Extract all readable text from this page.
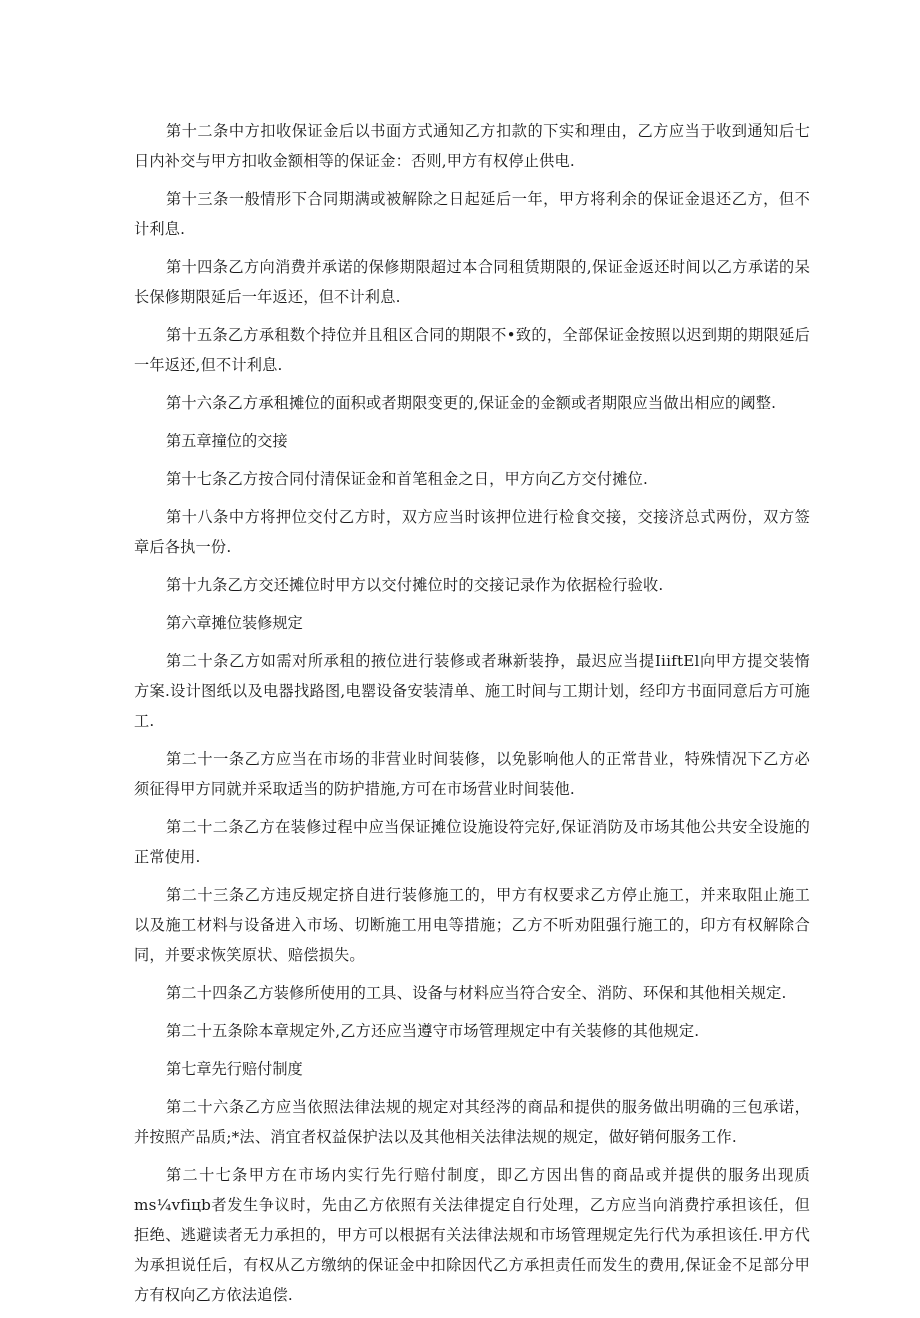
第十二条中方扣收保证金后以书面方式通知乙方扣款的下实和理由，乙方应当于收到通知后七日内补交与甲方扣收金额相等的保证金：否则,甲方有权停止供电.

第十三条一般情形下合同期满或被解除之日起延后一年，甲方将利余的保证金退还乙方，但不计利息.

第十四条乙方向消费并承诺的保修期限超过本合同租赁期限的,保证金返还时间以乙方承诺的呆长保修期限延后一年返还，但不计利息.

第十五条乙方承租数个持位并且租区合同的期限不•致的，全部保证金按照以迟到期的期限延后一年返还,但不计利息.

第十六条乙方承租摊位的面积或者期限变更的,保证金的金额或者期限应当做出相应的阈整.

第五章撞位的交接

第十七条乙方按合同付清保证金和首笔租金之日，甲方向乙方交付摊位.

第十八条中方将押位交付乙方时，双方应当时该押位进行检食交接，交接济总式两份，双方签章后各执一份.

第十九条乙方交还摊位时甲方以交付摊位时的交接记录作为依据检行验收.

第六章摊位装修规定

第二十条乙方如需对所承租的掖位进行装修或者琳新装挣，最迟应当提IiiftEl向甲方提交装惰方案.设计图纸以及电器找路图,电罂设备安装清单、施工时间与工期计划，经印方书面同意后方可施工.

第二十一条乙方应当在市场的非营业时间装修，以免影响他人的正常昔业，特殊情况下乙方必须征得甲方同就并采取适当的防护措施,方可在市场营业时间装他.

第二十二条乙方在装修过程中应当保证摊位设施设符完好,保证消防及市场其他公共安全设施的正常使用.

第二十三条乙方违反规定挤自进行装修施工的，甲方有权要求乙方停止施工，并来取阻止施工以及施工材料与设备进入市场、切断施工用电等措施；乙方不听劝阻强行施工的，印方有权解除合同，并要求恢笑原状、赔偿损失。

第二十四条乙方装修所使用的工具、设备与材料应当符合安全、消防、环保和其他相关规定.

第二十五条除本章规定外,乙方还应当遵守市场管理规定中有关装修的其他规定.

第七章先行赔付制度

第二十六条乙方应当依照法律法规的规定对其经涔的商品和提供的服务做出明确的三包承诺，并按照产品质;*法、消宜者权益保护法以及其他相关法律法规的规定，做好销何服务工作.

第二十七条甲方在市场内实行先行赔付制度，即乙方因出售的商品或并提供的服务出现质ms¼vfiцb者发生争议时，先由乙方依照有关法律提定自行处理，乙方应当向消费拧承担该任，但拒绝、逃避读者无力承担的，甲方可以根据有关法律法规和市场管理规定先行代为承担该任.甲方代为承担说任后，有权从乙方缴纳的保证金中扣除因代乙方承担责任而发生的费用,保证金不足部分甲方有权向乙方依法追偿.
